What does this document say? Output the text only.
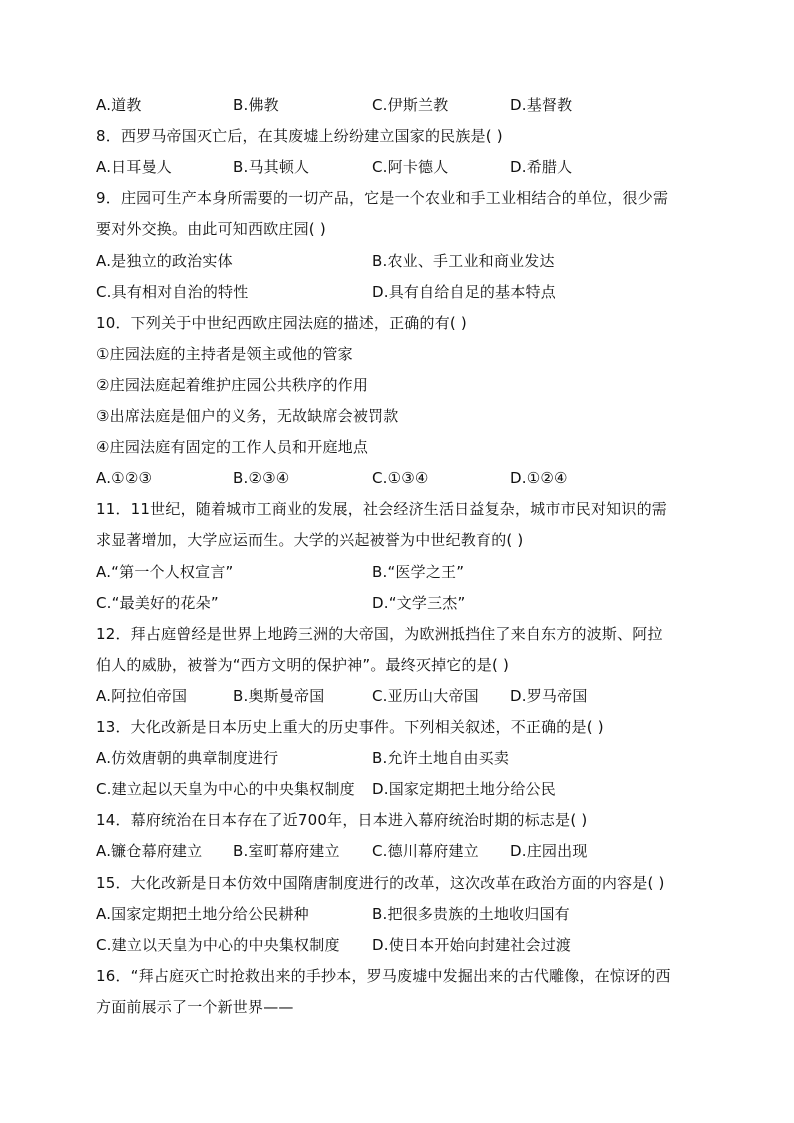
A.道教	B.佛教	C.伊斯兰教	D.基督教
8．西罗马帝国灭亡后，在其废墟上纷纷建立国家的民族是( )
A.日耳曼人	B.马其顿人	C.阿卡德人	D.希腊人
9．庄园可生产本身所需要的一切产品，它是一个农业和手工业相结合的单位，很少需
要对外交换。由此可知西欧庄园( )
A.是独立的政治实体	B.农业、手工业和商业发达
C.具有相对自治的特性	D.具有自给自足的基本特点
10．下列关于中世纪西欧庄园法庭的描述，正确的有( )
①庄园法庭的主持者是领主或他的管家
②庄园法庭起着维护庄园公共秩序的作用
③出席法庭是佃户的义务，无故缺席会被罚款
④庄园法庭有固定的工作人员和开庭地点
A.①②③	B.②③④	C.①③④	D.①②④
11．11世纪，随着城市工商业的发展，社会经济生活日益复杂，城市市民对知识的需
求显著增加，大学应运而生。大学的兴起被誉为中世纪教育的( )
A.“第一个人权宣言”	B.“医学之王”
C.“最美好的花朵”	D.“文学三杰”
12．拜占庭曾经是世界上地跨三洲的大帝国，为欧洲抵挡住了来自东方的波斯、阿拉
伯人的威胁，被誉为“西方文明的保护神”。最终灭掉它的是( )
A.阿拉伯帝国	B.奥斯曼帝国	C.亚历山大帝国 D.罗马帝国
13．大化改新是日本历史上重大的历史事件。下列相关叙述，不正确的是( )
A.仿效唐朝的典章制度进行	B.允许土地自由买卖
C.建立起以天皇为中心的中央集权制度 D.国家定期把土地分给公民
14．幕府统治在日本存在了近700年，日本进入幕府统治时期的标志是( )
A.镰仓幕府建立 B.室町幕府建立 C.德川幕府建立 D.庄园出现
15．大化改新是日本仿效中国隋唐制度进行的改革，这次改革在政治方面的内容是( )
A.国家定期把土地分给公民耕种	B.把很多贵族的土地收归国有
C.建立以天皇为中心的中央集权制度 D.使日本开始向封建社会过渡
16．“拜占庭灭亡时抢救出来的手抄本，罗马废墟中发掘出来的古代雕像，在惊讶的西
方面前展示了一个新世界——
